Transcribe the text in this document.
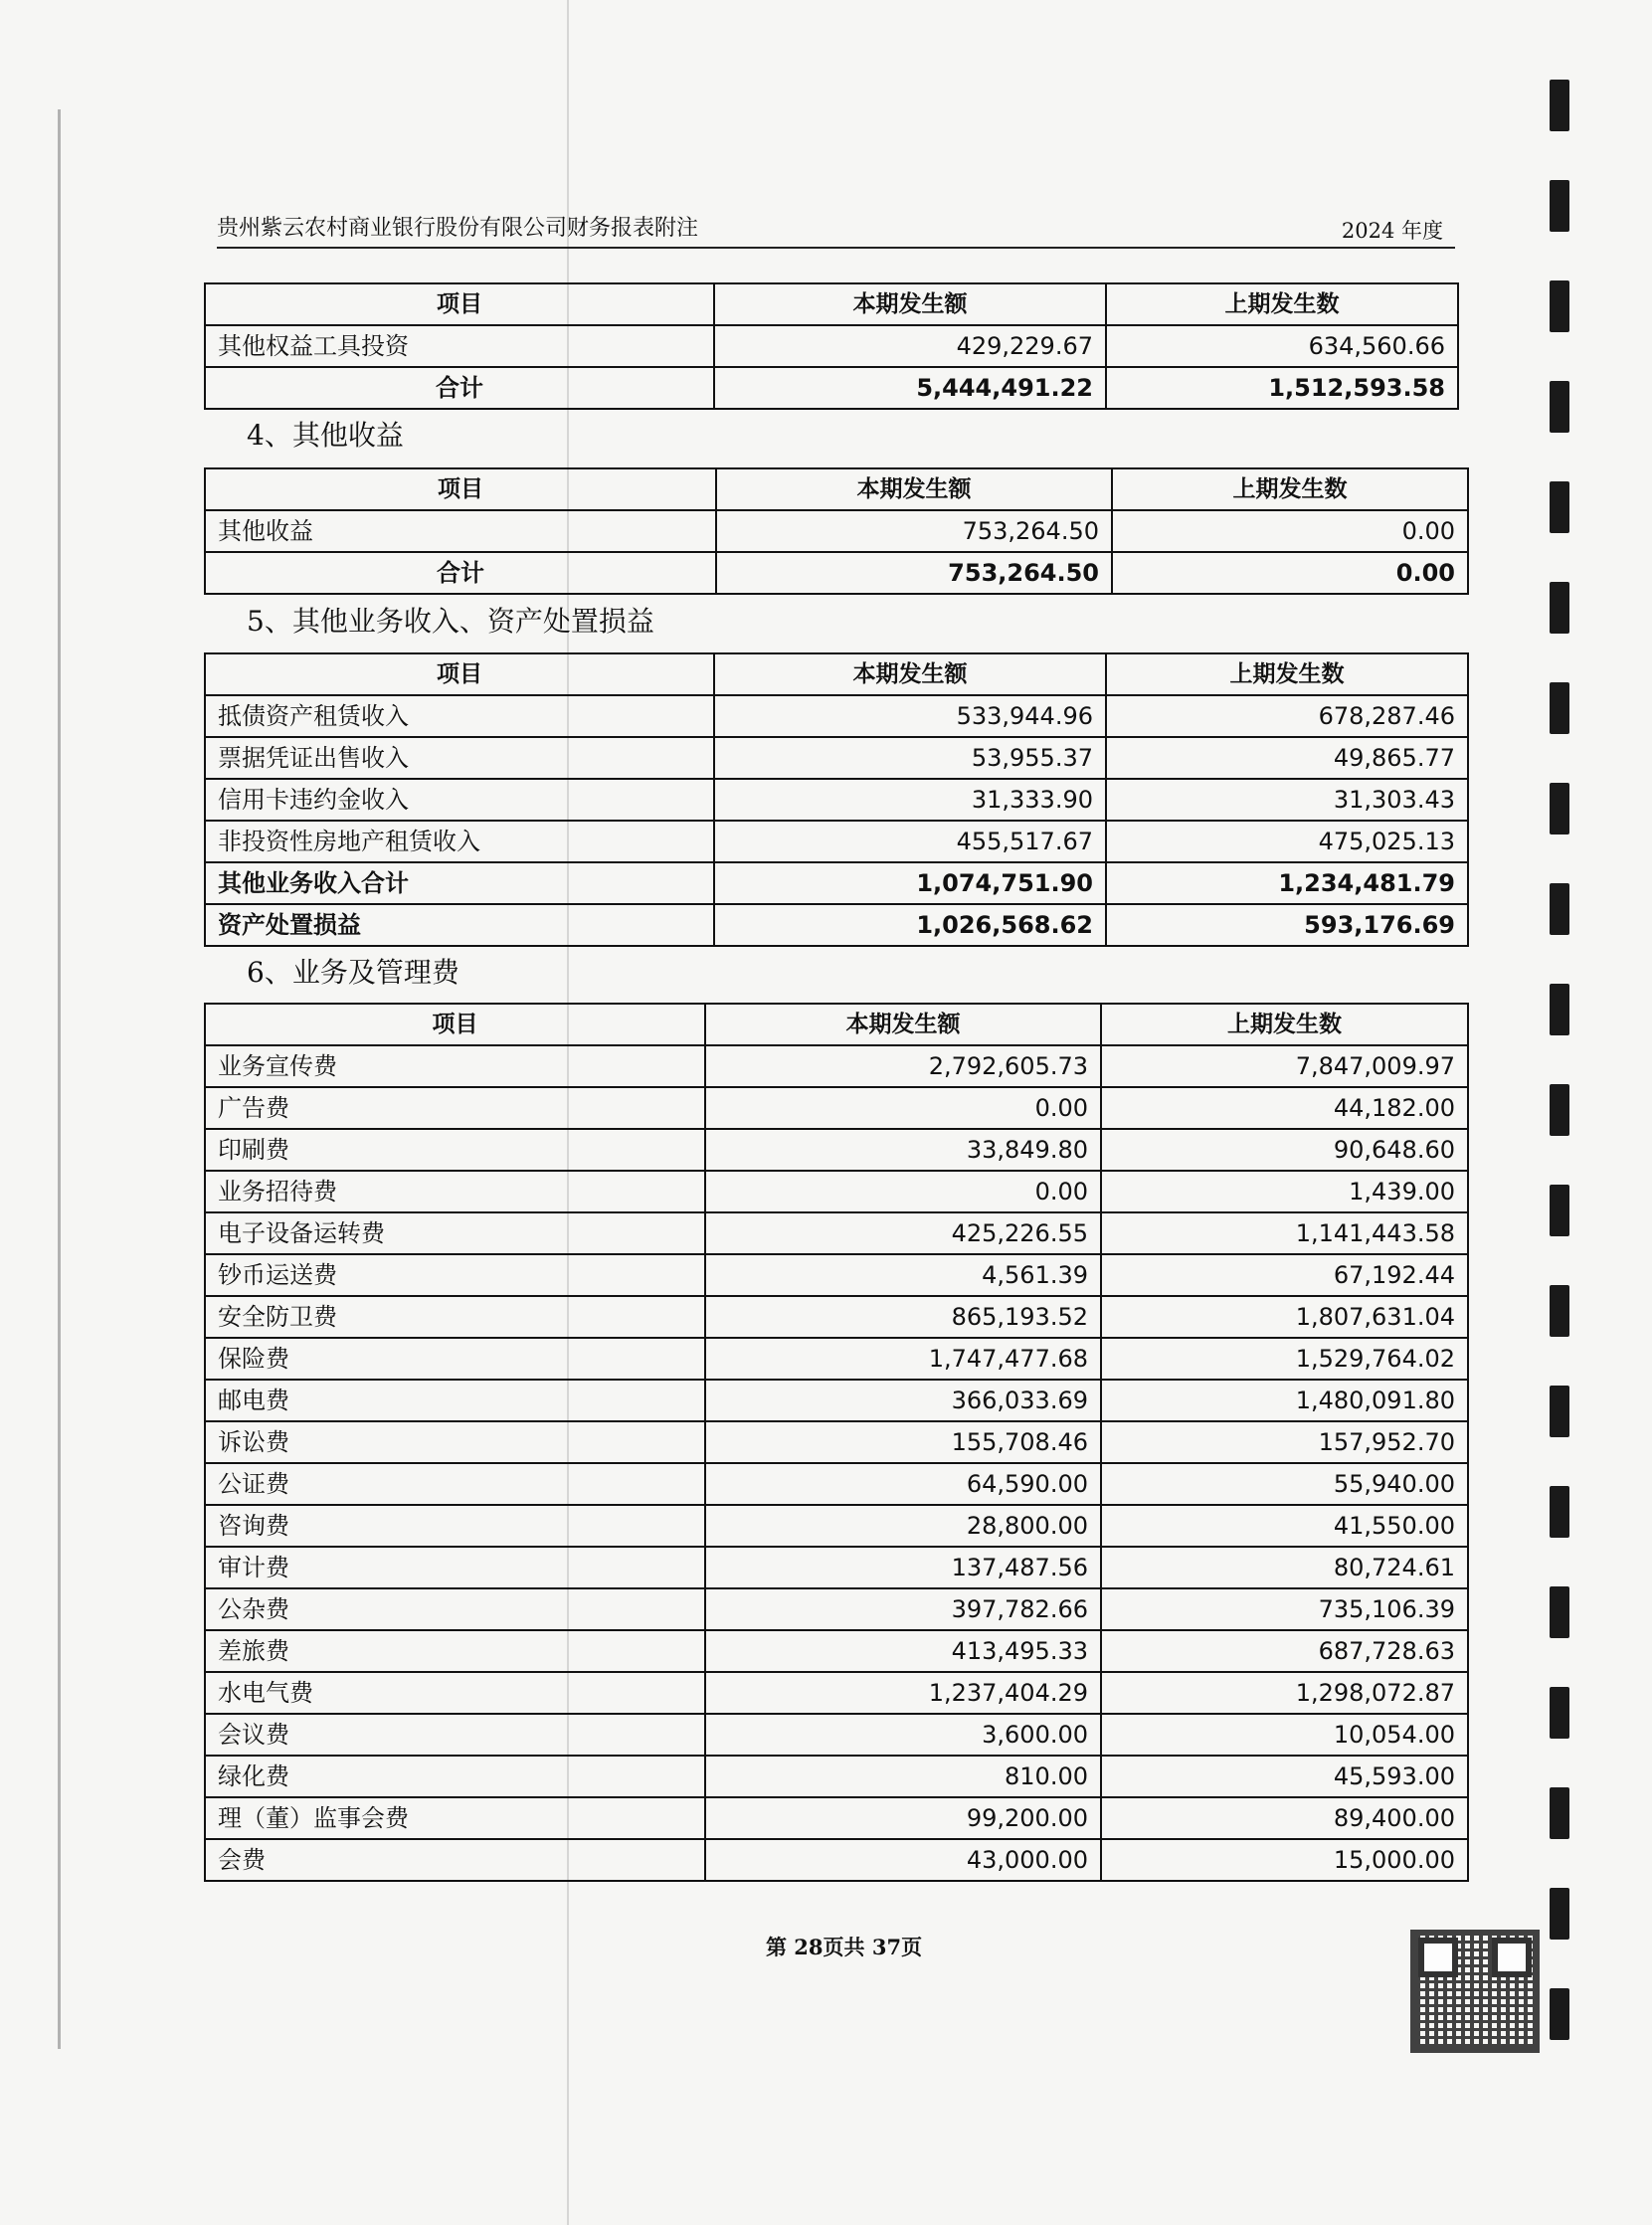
贵州紫云农村商业银行股份有限公司财务报表附注	2024 年度
项目	本期发生额	上期发生数
其他权益工具投资	429,229.67	634,560.66
合计	5,444,491.22	1,512,593.58
4、其他收益
项目	本期发生额	上期发生数
其他收益	753,264.50	0.00
合计	753,264.50	0.00
5、其他业务收入、资产处置损益
项目	本期发生额	上期发生数
抵债资产租赁收入	533,944.96	678,287.46
票据凭证出售收入	53,955.37	49,865.77
信用卡违约金收入	31,333.90	31,303.43
非投资性房地产租赁收入	455,517.67	475,025.13
其他业务收入合计	1,074,751.90	1,234,481.79
资产处置损益	1,026,568.62	593,176.69
6、业务及管理费
项目	本期发生额	上期发生数
业务宣传费	2,792,605.73	7,847,009.97
广告费	0.00	44,182.00
印刷费	33,849.80	90,648.60
业务招待费	0.00	1,439.00
电子设备运转费	425,226.55	1,141,443.58
钞币运送费	4,561.39	67,192.44
安全防卫费	865,193.52	1,807,631.04
保险费	1,747,477.68	1,529,764.02
邮电费	366,033.69	1,480,091.80
诉讼费	155,708.46	157,952.70
公证费	64,590.00	55,940.00
咨询费	28,800.00	41,550.00
审计费	137,487.56	80,724.61
公杂费	397,782.66	735,106.39
差旅费	413,495.33	687,728.63
水电气费	1,237,404.29	1,298,072.87
会议费	3,600.00	10,054.00
绿化费	810.00	45,593.00
理（董）监事会费	99,200.00	89,400.00
会费	43,000.00	15,000.00
第 28页共 37页
